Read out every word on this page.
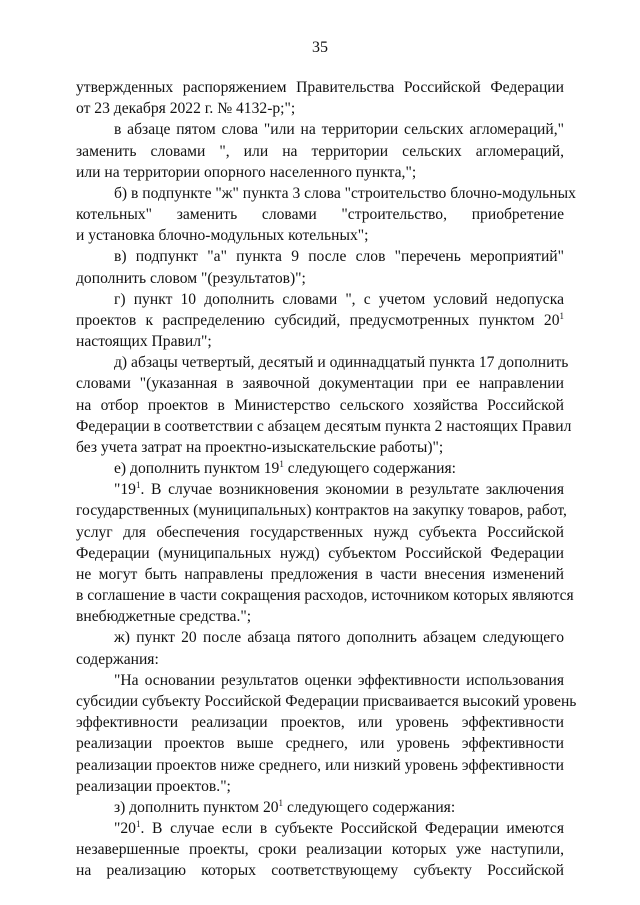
35
утвержденных распоряжением Правительства Российской Федерации
от 23 декабря 2022 г. № 4132-р;";
в абзаце пятом слова "или на территории сельских агломераций,"
заменить словами ", или на территории сельских агломераций,
или на территории опорного населенного пункта,";
б) в подпункте "ж" пункта 3 слова "строительство блочно-модульных
котельных" заменить словами "строительство, приобретение
и установка блочно-модульных котельных";
в) подпункт "а" пункта 9 после слов "перечень мероприятий"
дополнить словом "(результатов)";
г) пункт 10 дополнить словами ", с учетом условий недопуска
проектов к распределению субсидий, предусмотренных пунктом $20^1$
настоящих Правил";
д) абзацы четвертый, десятый и одиннадцатый пункта 17 дополнить
словами "(указанная в заявочной документации при ее направлении
на отбор проектов в Министерство сельского хозяйства Российской
Федерации в соответствии с абзацем десятым пункта 2 настоящих Правил
без учета затрат на проектно-изыскательские работы)";
е) дополнить пунктом $19^1$ следующего содержания:
"$19^1$. В случае возникновения экономии в результате заключения
государственных (муниципальных) контрактов на закупку товаров, работ,
услуг для обеспечения государственных нужд субъекта Российской
Федерации (муниципальных нужд) субъектом Российской Федерации
не могут быть направлены предложения в части внесения изменений
в соглашение в части сокращения расходов, источником которых являются
внебюджетные средства.";
ж) пункт 20 после абзаца пятого дополнить абзацем следующего
содержания:
"На основании результатов оценки эффективности использования
субсидии субъекту Российской Федерации присваивается высокий уровень
эффективности реализации проектов, или уровень эффективности
реализации проектов выше среднего, или уровень эффективности
реализации проектов ниже среднего, или низкий уровень эффективности
реализации проектов.";
з) дополнить пунктом $20^1$ следующего содержания:
"$20^1$. В случае если в субъекте Российской Федерации имеются
незавершенные проекты, сроки реализации которых уже наступили,
на реализацию которых соответствующему субъекту Российской
